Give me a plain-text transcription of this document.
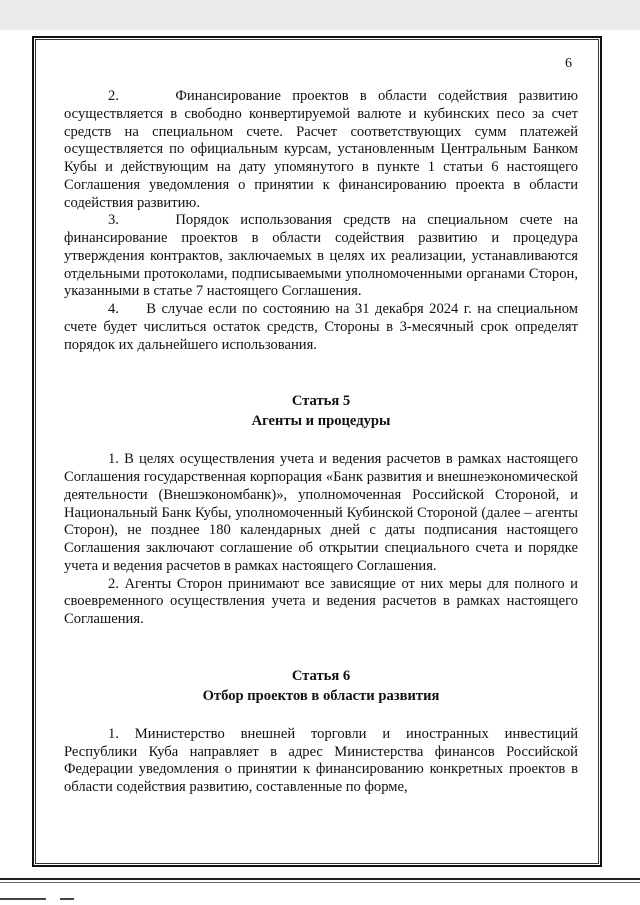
6

2.     Финансирование проектов в области содействия развитию осуществляется в свободно конвертируемой валюте и кубинских песо за счет средств на специальном счете. Расчет соответствующих сумм платежей осуществляется по официальным курсам, установленным Центральным Банком Кубы и действующим на дату упомянутого в пункте 1 статьи 6 настоящего Соглашения уведомления о принятии к финансированию проекта в области содействия развитию.

3.     Порядок использования средств на специальном счете на финансирование проектов в области содействия развитию и процедура утверждения контрактов, заключаемых в целях их реализации, устанавливаются отдельными протоколами, подписываемыми уполномоченными органами Сторон, указанными в статье 7 настоящего Соглашения.

4.     В случае если по состоянию на 31 декабря 2024 г. на специальном счете будет числиться остаток средств, Стороны в 3-месячный срок определят порядок их дальнейшего использования.

Статья 5

Агенты и процедуры

1. В целях осуществления учета и ведения расчетов в рамках настоящего Соглашения государственная корпорация «Банк развития и внешнеэкономической деятельности (Внешэкономбанк)», уполномоченная Российской Стороной, и Национальный Банк Кубы, уполномоченный Кубинской Стороной (далее – агенты Сторон), не позднее 180 календарных дней с даты подписания настоящего Соглашения заключают соглашение об открытии специального счета и порядке учета и ведения расчетов в рамках настоящего Соглашения.

2. Агенты Сторон принимают все зависящие от них меры для полного и своевременного осуществления учета и ведения расчетов в рамках настоящего Соглашения.

Статья 6

Отбор проектов в области развития

1. Министерство внешней торговли и иностранных инвестиций Республики Куба направляет в адрес Министерства финансов Российской Федерации уведомления о принятии к финансированию конкретных проектов в области содействия развитию, составленные по форме,
